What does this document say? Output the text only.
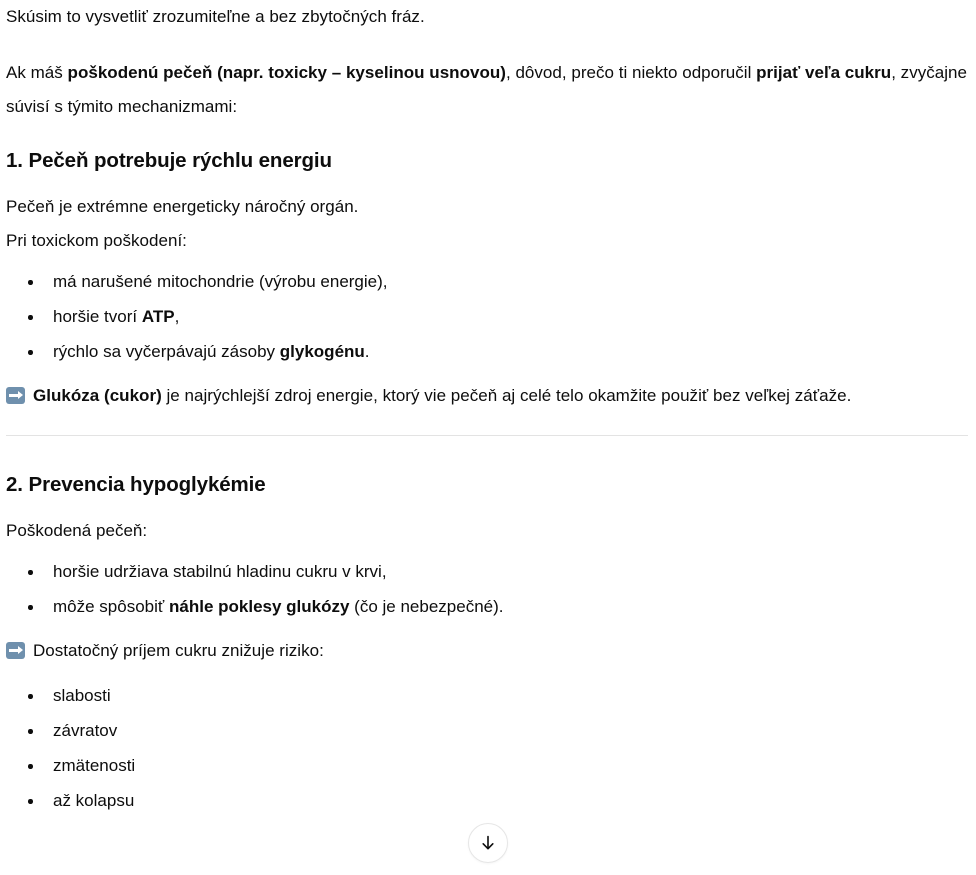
Skúsim to vysvetliť zrozumiteľne a bez zbytočných fráz.

Ak máš poškodenú pečeň (napr. toxicky – kyselinou usnovou), dôvod, prečo ti niekto odporučil prijať veľa cukru, zvyčajne súvisí s týmito mechanizmami:

1. Pečeň potrebuje rýchlu energiu

Pečeň je extrémne energeticky náročný orgán.

Pri toxickom poškodení:

má narušené mitochondrie (výrobu energie),
horšie tvorí ATP,
rýchlo sa vyčerpávajú zásoby glykogénu.

Glukóza (cukor) je najrýchlejší zdroj energie, ktorý vie pečeň aj celé telo okamžite použiť bez veľkej záťaže.

2. Prevencia hypoglykémie

Poškodená pečeň:

horšie udržiava stabilnú hladinu cukru v krvi,
môže spôsobiť náhle poklesy glukózy (čo je nebezpečné).

Dostatočný príjem cukru znižuje riziko:

slabosti
závratov
zmätenosti
až kolapsu
